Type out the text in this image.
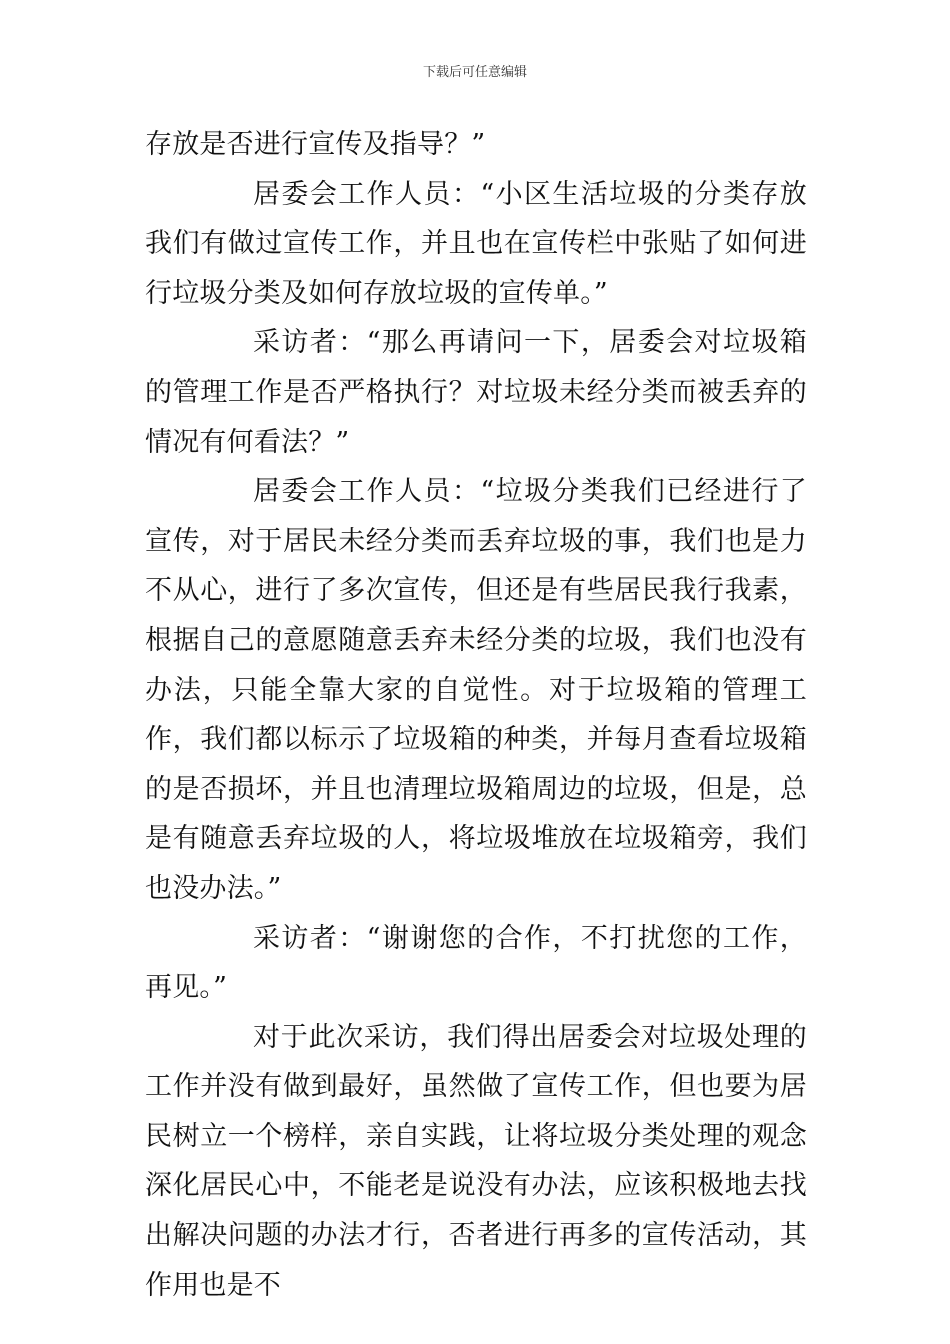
下载后可任意编辑

存放是否进行宣传及指导？”

居委会工作人员：“小区生活垃圾的分类存放我们有做过宣传工作，并且也在宣传栏中张贴了如何进行垃圾分类及如何存放垃圾的宣传单。”

采访者：“那么再请问一下，居委会对垃圾箱的管理工作是否严格执行？对垃圾未经分类而被丢弃的情况有何看法？”

居委会工作人员：“垃圾分类我们已经进行了宣传，对于居民未经分类而丢弃垃圾的事，我们也是力不从心，进行了多次宣传，但还是有些居民我行我素，根据自己的意愿随意丢弃未经分类的垃圾，我们也没有办法，只能全靠大家的自觉性。对于垃圾箱的管理工作，我们都以标示了垃圾箱的种类，并每月查看垃圾箱的是否损坏，并且也清理垃圾箱周边的垃圾，但是，总是有随意丢弃垃圾的人，将垃圾堆放在垃圾箱旁，我们也没办法。”

采访者：“谢谢您的合作，不打扰您的工作，再见。”

对于此次采访，我们得出居委会对垃圾处理的工作并没有做到最好，虽然做了宣传工作，但也要为居民树立一个榜样，亲自实践，让将垃圾分类处理的观念深化居民心中，不能老是说没有办法，应该积极地去找出解决问题的办法才行，否者进行再多的宣传活动，其作用也是不
